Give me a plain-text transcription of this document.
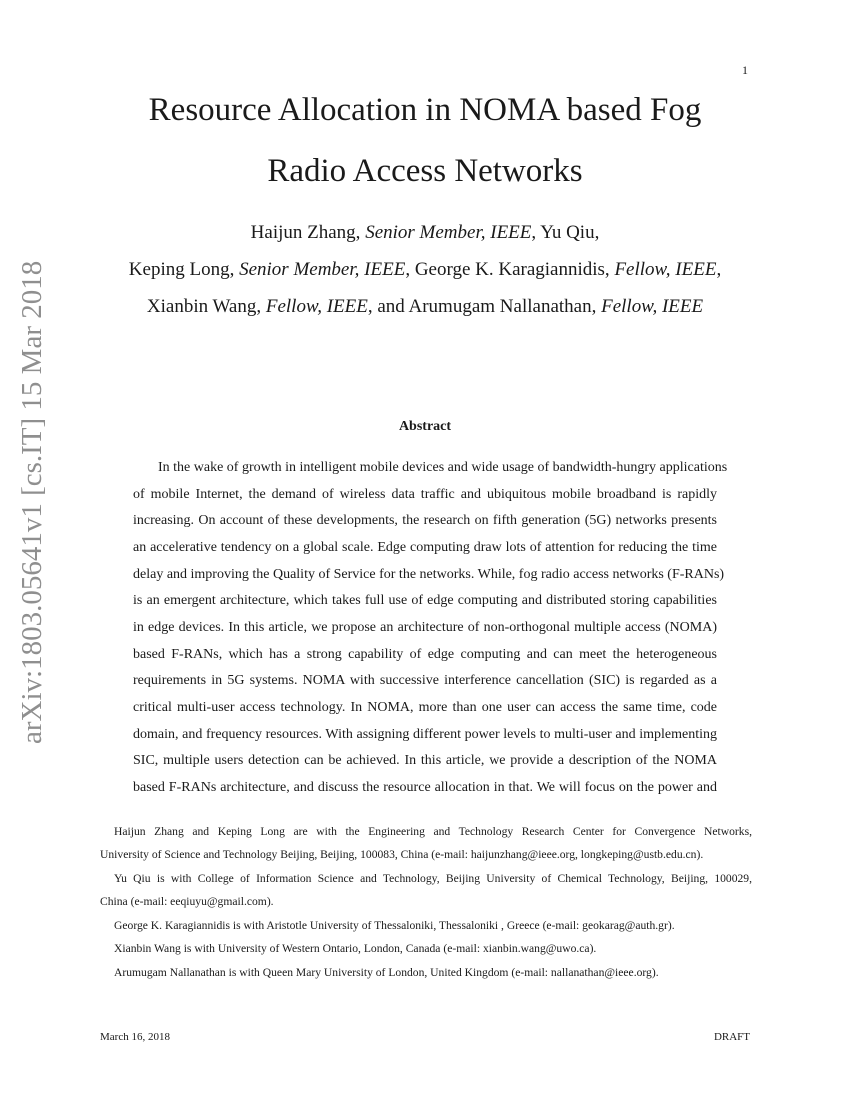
1
arXiv:1803.05641v1 [cs.IT] 15 Mar 2018
Resource Allocation in NOMA based Fog
Radio Access Networks
Haijun Zhang, Senior Member, IEEE, Yu Qiu,
Keping Long, Senior Member, IEEE, George K. Karagiannidis, Fellow, IEEE,
Xianbin Wang, Fellow, IEEE, and Arumugam Nallanathan, Fellow, IEEE
Abstract
In the wake of growth in intelligent mobile devices and wide usage of bandwidth-hungry applications
of mobile Internet, the demand of wireless data traffic and ubiquitous mobile broadband is rapidly
increasing. On account of these developments, the research on fifth generation (5G) networks presents
an accelerative tendency on a global scale. Edge computing draw lots of attention for reducing the time
delay and improving the Quality of Service for the networks. While, fog radio access networks (F-RANs)
is an emergent architecture, which takes full use of edge computing and distributed storing capabilities
in edge devices. In this article, we propose an architecture of non-orthogonal multiple access (NOMA)
based F-RANs, which has a strong capability of edge computing and can meet the heterogeneous
requirements in 5G systems. NOMA with successive interference cancellation (SIC) is regarded as a
critical multi-user access technology. In NOMA, more than one user can access the same time, code
domain, and frequency resources. With assigning different power levels to multi-user and implementing
SIC, multiple users detection can be achieved. In this article, we provide a description of the NOMA
based F-RANs architecture, and discuss the resource allocation in that. We will focus on the power and
Haijun Zhang and Keping Long are with the Engineering and Technology Research Center for Convergence Networks,
University of Science and Technology Beijing, Beijing, 100083, China (e-mail: haijunzhang@ieee.org, longkeping@ustb.edu.cn).
Yu Qiu is with College of Information Science and Technology, Beijing University of Chemical Technology, Beijing, 100029,
China (e-mail: eeqiuyu@gmail.com).
George K. Karagiannidis is with Aristotle University of Thessaloniki, Thessaloniki , Greece (e-mail: geokarag@auth.gr).
Xianbin Wang is with University of Western Ontario, London, Canada (e-mail: xianbin.wang@uwo.ca).
Arumugam Nallanathan is with Queen Mary University of London, United Kingdom (e-mail: nallanathan@ieee.org).
March 16, 2018	DRAFT
